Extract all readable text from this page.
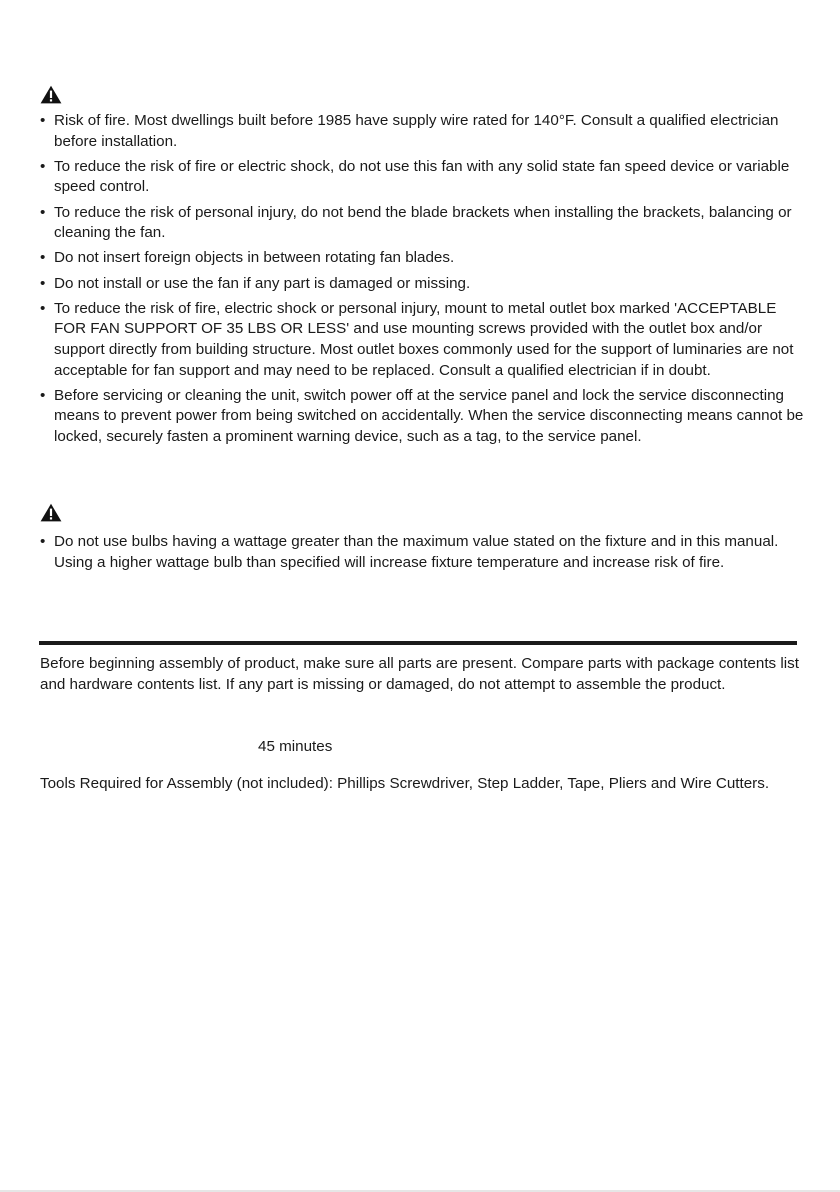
• Risk of fire. Most dwellings built before 1985 have supply wire rated for 140°F. Consult a qualified electrician before installation.
• To reduce the risk of fire or electric shock, do not use this fan with any solid state fan speed device or variable speed control.
• To reduce the risk of personal injury, do not bend the blade brackets when installing the brackets, balancing or cleaning the fan.
• Do not insert foreign objects in between rotating fan blades.
• Do not install or use the fan if any part is damaged or missing.
• To reduce the risk of fire, electric shock or personal injury, mount to metal outlet box marked 'ACCEPTABLE FOR FAN SUPPORT OF 35 LBS OR LESS' and use mounting screws provided with the outlet box and/or support directly from building structure. Most outlet boxes commonly used for the support of luminaries are not acceptable for fan support and may need to be replaced. Consult a qualified electrician if in doubt.
• Before servicing or cleaning the unit, switch power off at the service panel and lock the service disconnecting means to prevent power from being switched on accidentally. When the service disconnecting means cannot be locked, securely fasten a prominent warning device, such as a tag, to the service panel.
• Do not use bulbs having a wattage greater than the maximum value stated on the fixture and in this manual. Using a higher wattage bulb than specified will increase fixture temperature and increase risk of fire.

Before beginning assembly of product, make sure all parts are present. Compare parts with package contents list and hardware contents list. If any part is missing or damaged, do not attempt to assemble the product.

45 minutes

Tools Required for Assembly (not included): Phillips Screwdriver, Step Ladder, Tape, Pliers and Wire Cutters.
